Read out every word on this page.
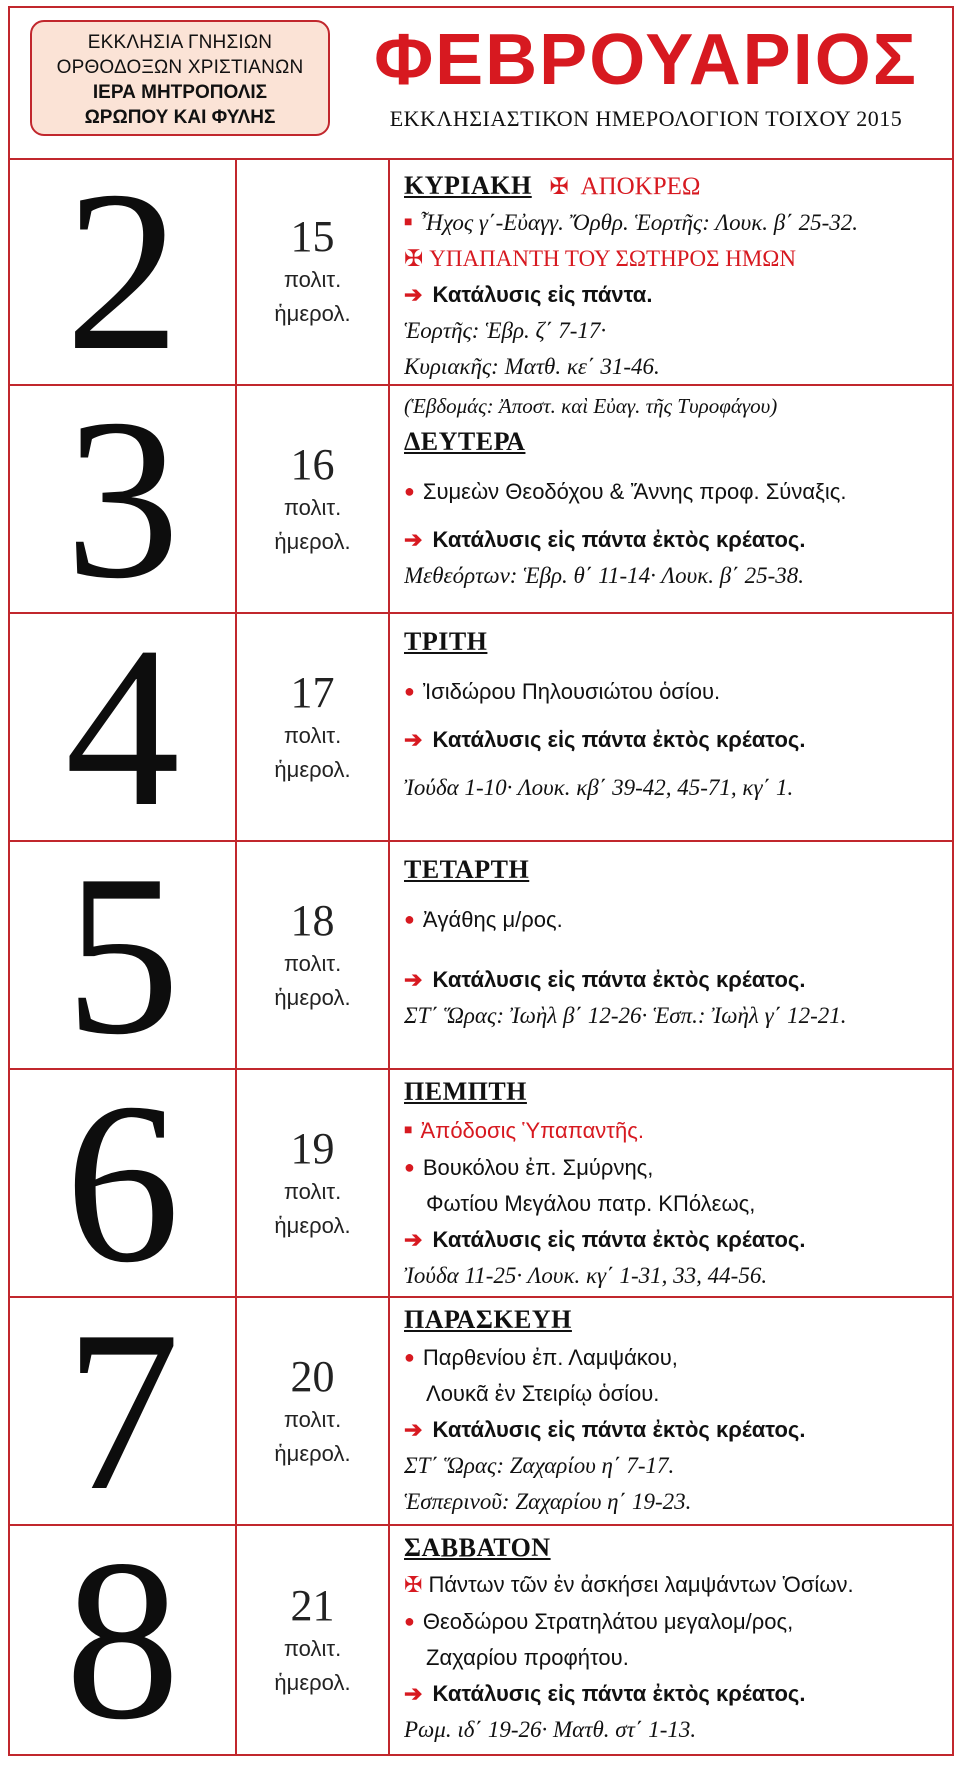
ΕΚΚΛΗΣΙΑ ΓΝΗΣΙΩΝ
ΟΡΘΟΔΟΞΩΝ ΧΡΙΣΤΙΑΝΩΝ
ΙΕΡΑ ΜΗΤΡΟΠΟΛΙΣ
ΩΡΩΠΟΥ ΚΑΙ ΦΥΛΗΣ
ΦΕΒΡΟΥΑΡΙΟΣ
ΕΚΚΛΗΣΙΑΣΤΙΚΟΝ ΗΜΕΡΟΛΟΓΙΟΝ ΤΟΙΧΟΥ 2015
2	15
πολιτ.
ἡμερολ.
ΚΥΡΙΑΚΗ ✠ ΑΠΟΚΡΕΩ
■ Ἦχος γ΄-Εὐαγγ. Ὄρθρ. Ἑορτῆς: Λουκ. β΄ 25-32.
✠ ΥΠΑΠΑΝΤΗ ΤΟΥ ΣΩΤΗΡΟΣ ΗΜΩΝ
➔ Κατάλυσις εἰς πάντα.
Ἑορτῆς: Ἑβρ. ζ΄ 7-17·
Κυριακῆς: Ματθ. κε΄ 31-46.
3	16
πολιτ.
ἡμερολ.
(Ἑβδομάς: Ἀποστ. καὶ Εὐαγ. τῆς Τυροφάγου)
ΔΕΥΤΕΡΑ
● Συμεὼν Θεοδόχου & Ἄννης προφ. Σύναξις.
➔ Κατάλυσις εἰς πάντα ἐκτὸς κρέατος.
Μεθεόρτων: Ἑβρ. θ΄ 11-14· Λουκ. β΄ 25-38.
4	17
πολιτ.
ἡμερολ.
ΤΡΙΤΗ
● Ἰσιδώρου Πηλουσιώτου ὁσίου.
➔ Κατάλυσις εἰς πάντα ἐκτὸς κρέατος.
Ἰούδα 1-10· Λουκ. κβ΄ 39-42, 45-71, κγ΄ 1.
5	18
πολιτ.
ἡμερολ.
ΤΕΤΑΡΤΗ
● Ἀγάθης μ/ρος.
➔ Κατάλυσις εἰς πάντα ἐκτὸς κρέατος.
ΣΤ΄ Ὥρας: Ἰωὴλ β΄ 12-26· Ἑσπ.: Ἰωὴλ γ΄ 12-21.
6	19
πολιτ.
ἡμερολ.
ΠΕΜΠΤΗ
■ Ἀπόδοσις Ὑπαπαντῆς.
● Βουκόλου ἐπ. Σμύρνης,
Φωτίου Μεγάλου πατρ. ΚΠόλεως,
➔ Κατάλυσις εἰς πάντα ἐκτὸς κρέατος.
Ἰούδα 11-25· Λουκ. κγ΄ 1-31, 33, 44-56.
7	20
πολιτ.
ἡμερολ.
ΠΑΡΑΣΚΕΥΗ
● Παρθενίου ἐπ. Λαμψάκου,
Λουκᾶ ἐν Στειρίῳ ὁσίου.
➔ Κατάλυσις εἰς πάντα ἐκτὸς κρέατος.
ΣΤ΄ Ὥρας: Ζαχαρίου η΄ 7-17.
Ἑσπερινοῦ: Ζαχαρίου η΄ 19-23.
8	21
πολιτ.
ἡμερολ.
ΣΑΒΒΑΤΟΝ
✠ Πάντων τῶν ἐν ἀσκήσει λαμψάντων Ὁσίων.
● Θεοδώρου Στρατηλάτου μεγαλομ/ρος,
Ζαχαρίου προφήτου.
➔ Κατάλυσις εἰς πάντα ἐκτὸς κρέατος.
Ρωμ. ιδ΄ 19-26· Ματθ. στ΄ 1-13.
